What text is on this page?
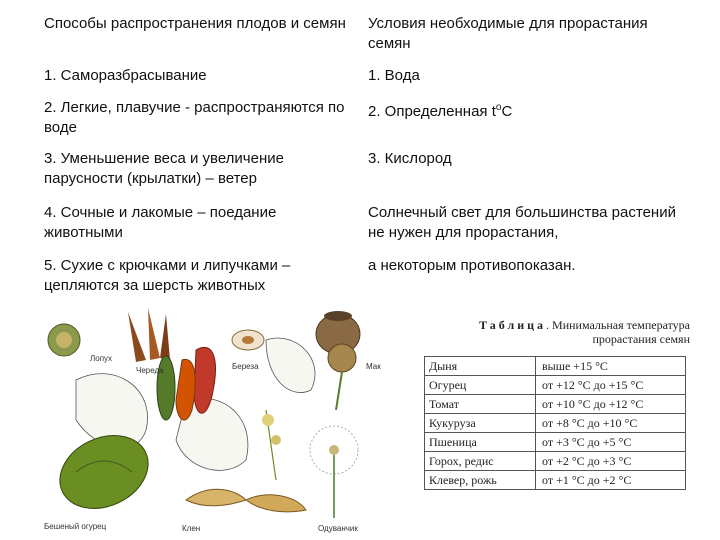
Способы распространения плодов и семян
1. Саморазбрасывание
2. Легкие, плавучие - распространяются по воде
3. Уменьшение веса и увеличение парусности (крылатки) – ветер
4. Сочные и лакомые – поедание животными
5. Сухие с крючками и липучками – цепляются за шерсть животных
Условия необходимые для прорастания семян
1. Вода
2. Определенная $t^оС$
3. Кислород
Солнечный свет для большинства растений не нужен для прорастания,
а некоторым противопоказан.
Лопух
Череда	Береза	Мак
Бешеный огурец	Клен	Одуванчик
Таблица. Минимальная температура прорастания семян
Дыня	выше +15 °С
Огурец	от +12 °С до +15 °С
Томат	от +10 °С до +12 °С
Кукуруза	от +8 °С до +10 °С
Пшеница	от +3 °С до +5 °С
Горох, редис	от +2 °С до +3 °С
Клевер, рожь	от +1 °С до +2 °С
